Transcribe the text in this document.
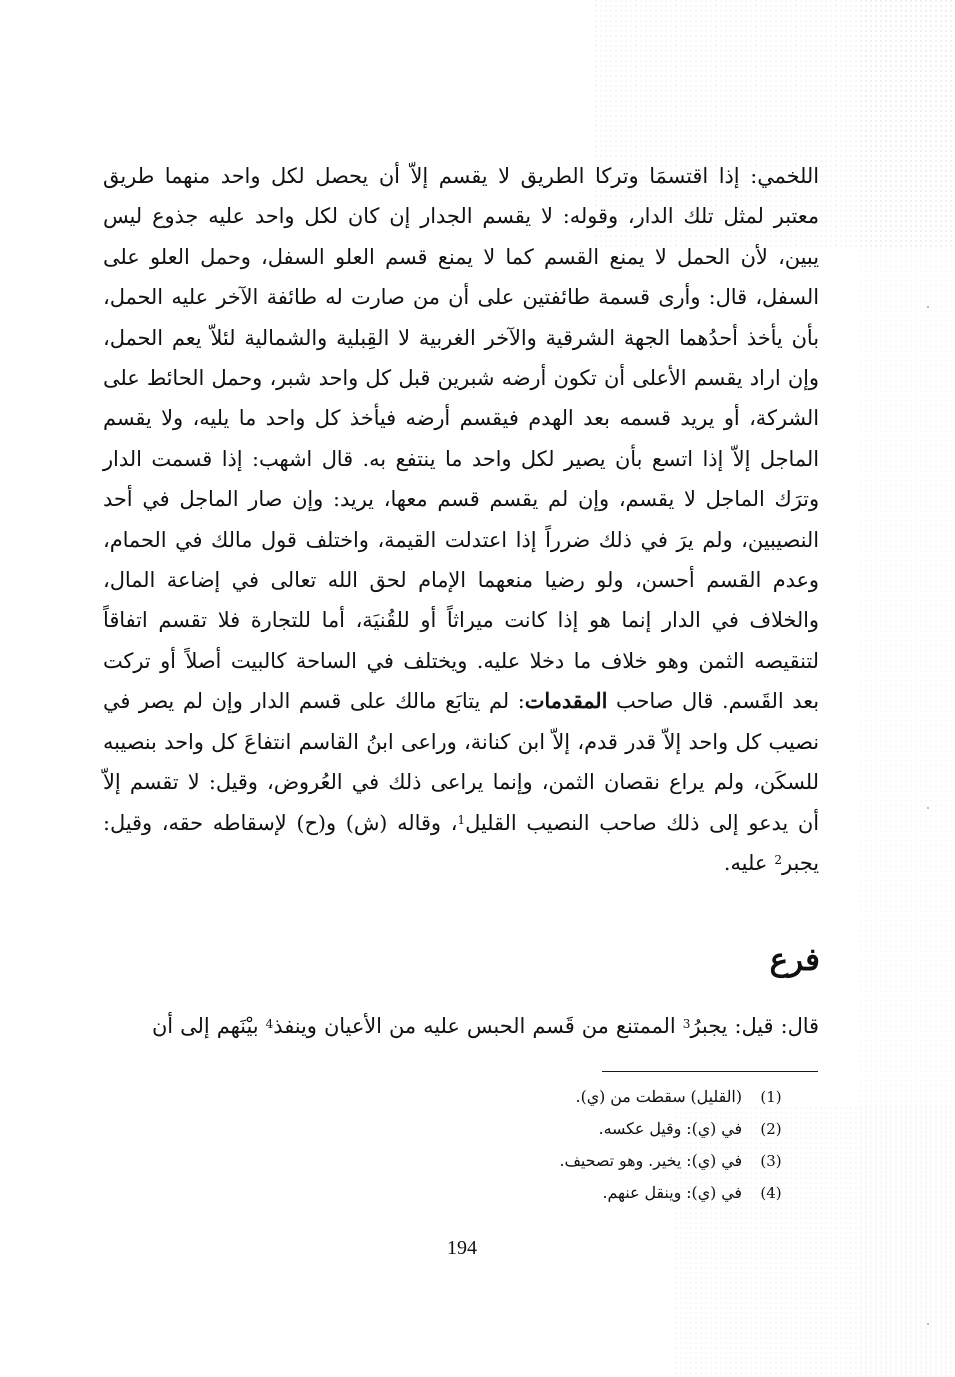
اللخمي: إذا اقتسمَا وتركا الطريق لا يقسم إلاّ أن يحصل لكل واحد منهما طريق معتبر لمثل تلك الدار، وقوله: لا يقسم الجدار إن كان لكل واحد عليه جذوع ليس يبين، لأن الحمل لا يمنع القسم كما لا يمنع قسم العلو السفل، وحمل العلو على السفل، قال: وأرى قسمة طائفتين على أن من صارت له طائفة الآخر عليه الحمل، بأن يأخذ أحدُهما الجهة الشرقية والآخر الغربية لا القِبلية والشمالية لئلاّ يعم الحمل، وإن اراد يقسم الأعلى أن تكون أرضه شبرين قبل كل واحد شبر، وحمل الحائط على الشركة، أو يريد قسمه بعد الهدم فيقسم أرضه فيأخذ كل واحد ما يليه، ولا يقسم الماجل إلاّ إذا اتسع بأن يصير لكل واحد ما ينتفع به. قال اشهب: إذا قسمت الدار وترَك الماجل لا يقسم، وإن لم يقسم قسم معها، يريد: وإن صار الماجل في أحد النصيبين، ولم يرَ في ذلك ضرراً إذا اعتدلت القيمة، واختلف قول مالك في الحمام، وعدم القسم أحسن، ولو رضيا منعهما الإمام لحق الله تعالى في إضاعة المال، والخلاف في الدار إنما هو إذا كانت ميراثاً أو للقُنيَة، أما للتجارة فلا تقسم اتفاقاً لتنقيصه الثمن وهو خلاف ما دخلا عليه. ويختلف في الساحة كالبيت أصلاً أو تركت بعد القَسم. قال صاحب المقدمات: لم يتابَع مالك على قسم الدار وإن لم يصر في نصيب كل واحد إلاّ قدر قدم، إلاّ ابن كنانة، وراعى ابنُ القاسم انتفاعَ كل واحد بنصيبه للسكَن، ولم يراع نقصان الثمن، وإنما يراعى ذلك في العُروض، وقيل: لا تقسم إلاّ أن يدعو إلى ذلك صاحب النصيب القليل$^1$، وقاله (ش) و(ح) لإسقاطه حقه، وقيل: يجبر$^2$ عليه.

فرع

قال: قيل: يجبرُ$^3$ الممتنع من قَسم الحبس عليه من الأعيان وينفذ$^4$ بيْنَهم إلى أن

(1)
(القليل) سقطت من (ي).
(2)
في (ي): وقيل عكسه.
(3)
في (ي): يخير. وهو تصحيف.
(4)
في (ي): وينقل عنهم.

194
